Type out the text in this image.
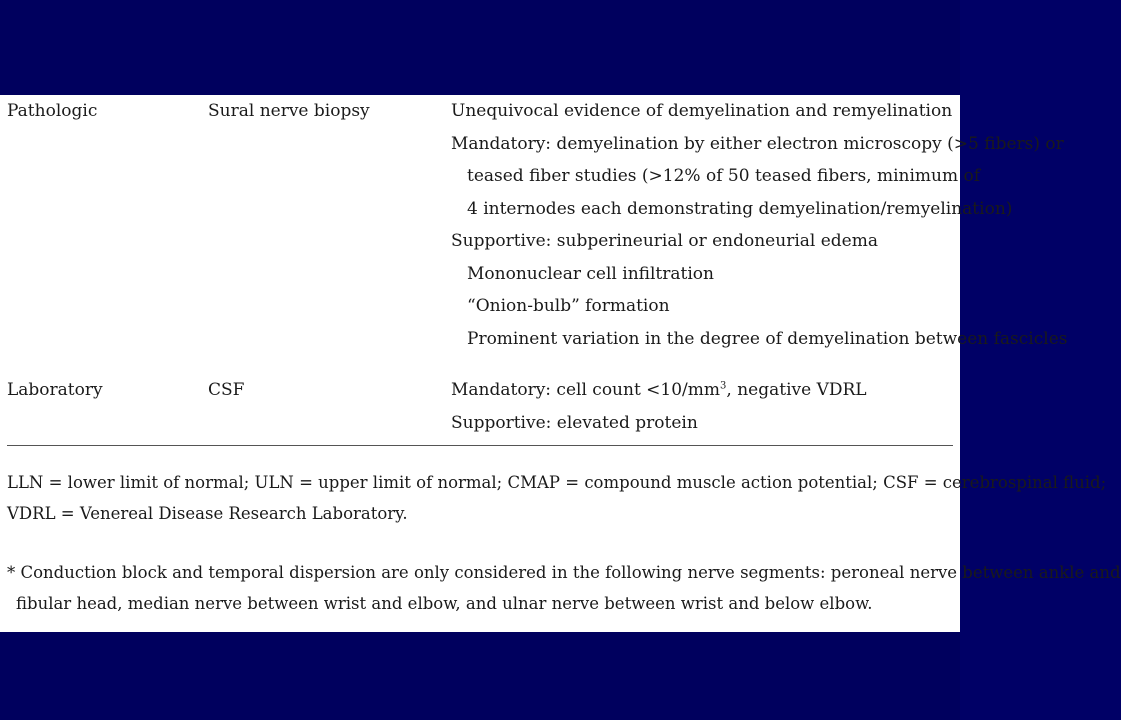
Pathologic	Sural nerve biopsy	Unequivocal evidence of demyelination and remyelination
Mandatory: demyelination by either electron microscopy (>5 fibers) or
teased fiber studies (>12% of 50 teased fibers, minimum of
4 internodes each demonstrating demyelination/remyelination)
Supportive: subperineurial or endoneurial edema
Mononuclear cell infiltration
“Onion-bulb” formation
Prominent variation in the degree of demyelination between fascicles
Laboratory	CSF	Mandatory: cell count $<10/mm^3$, negative VDRL
Supportive: elevated protein
LLN = lower limit of normal; ULN = upper limit of normal; CMAP = compound muscle action potential; CSF = cerebrospinal fluid;
VDRL = Venereal Disease Research Laboratory.
* Conduction block and temporal dispersion are only considered in the following nerve segments: peroneal nerve between ankle and
fibular head, median nerve between wrist and elbow, and ulnar nerve between wrist and below elbow.
